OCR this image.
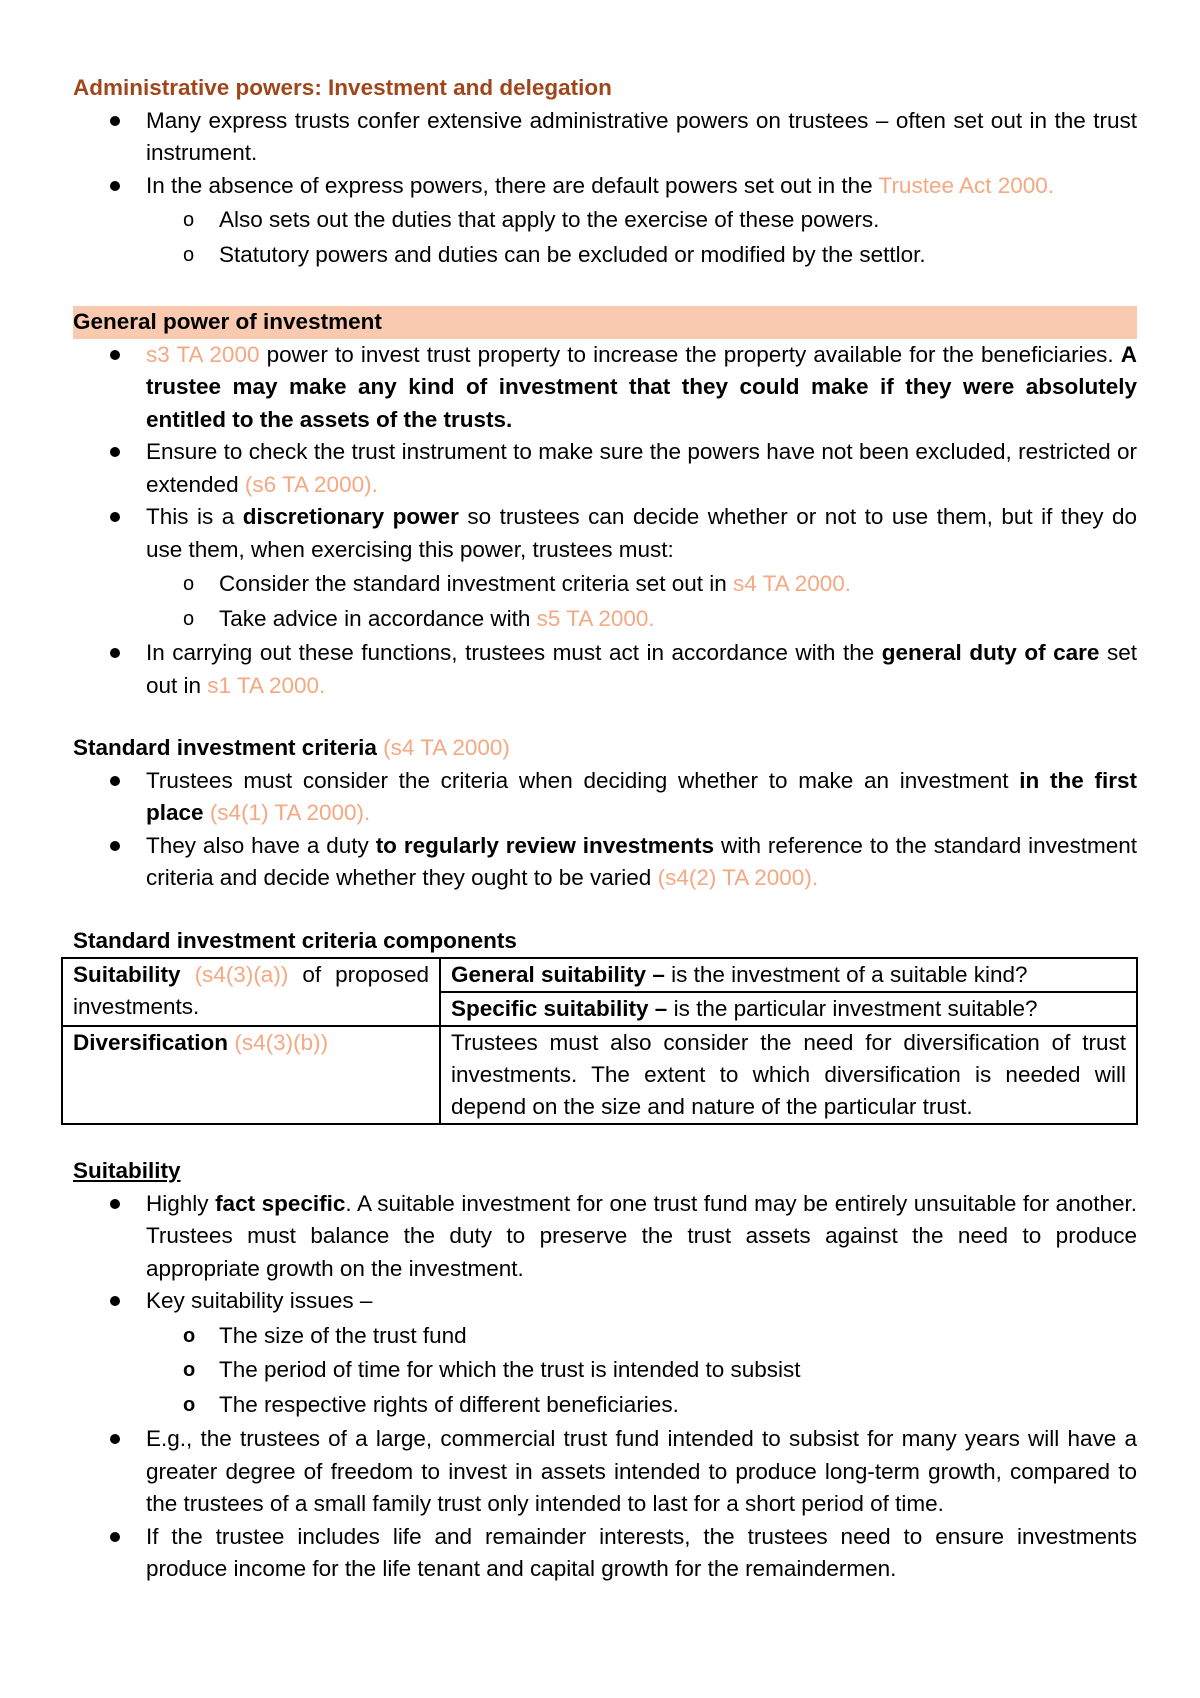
Administrative powers: Investment and delegation

Many express trusts confer extensive administrative powers on trustees – often set out in the trust instrument.
In the absence of express powers, there are default powers set out in the Trustee Act 2000.
o Also sets out the duties that apply to the exercise of these powers.
o Statutory powers and duties can be excluded or modified by the settlor.

General power of investment

s3 TA 2000 power to invest trust property to increase the property available for the beneficiaries. A trustee may make any kind of investment that they could make if they were absolutely entitled to the assets of the trusts.
Ensure to check the trust instrument to make sure the powers have not been excluded, restricted or extended (s6 TA 2000).
This is a discretionary power so trustees can decide whether or not to use them, but if they do use them, when exercising this power, trustees must:
o Consider the standard investment criteria set out in s4 TA 2000.
o Take advice in accordance with s5 TA 2000.
In carrying out these functions, trustees must act in accordance with the general duty of care set out in s1 TA 2000.

Standard investment criteria (s4 TA 2000)

Trustees must consider the criteria when deciding whether to make an investment in the first place (s4(1) TA 2000).
They also have a duty to regularly review investments with reference to the standard investment criteria and decide whether they ought to be varied (s4(2) TA 2000).

Standard investment criteria components

Suitability (s4(3)(a)) of proposed investments.	General suitability – is the investment of a suitable kind?
	Specific suitability – is the particular investment suitable?
Diversification (s4(3)(b))	Trustees must also consider the need for diversification of trust investments. The extent to which diversification is needed will depend on the size and nature of the particular trust.

Suitability

Highly fact specific. A suitable investment for one trust fund may be entirely unsuitable for another. Trustees must balance the duty to preserve the trust assets against the need to produce appropriate growth on the investment.
Key suitability issues –
o The size of the trust fund
o The period of time for which the trust is intended to subsist
o The respective rights of different beneficiaries.
E.g., the trustees of a large, commercial trust fund intended to subsist for many years will have a greater degree of freedom to invest in assets intended to produce long-term growth, compared to the trustees of a small family trust only intended to last for a short period of time.
If the trustee includes life and remainder interests, the trustees need to ensure investments produce income for the life tenant and capital growth for the remaindermen.
